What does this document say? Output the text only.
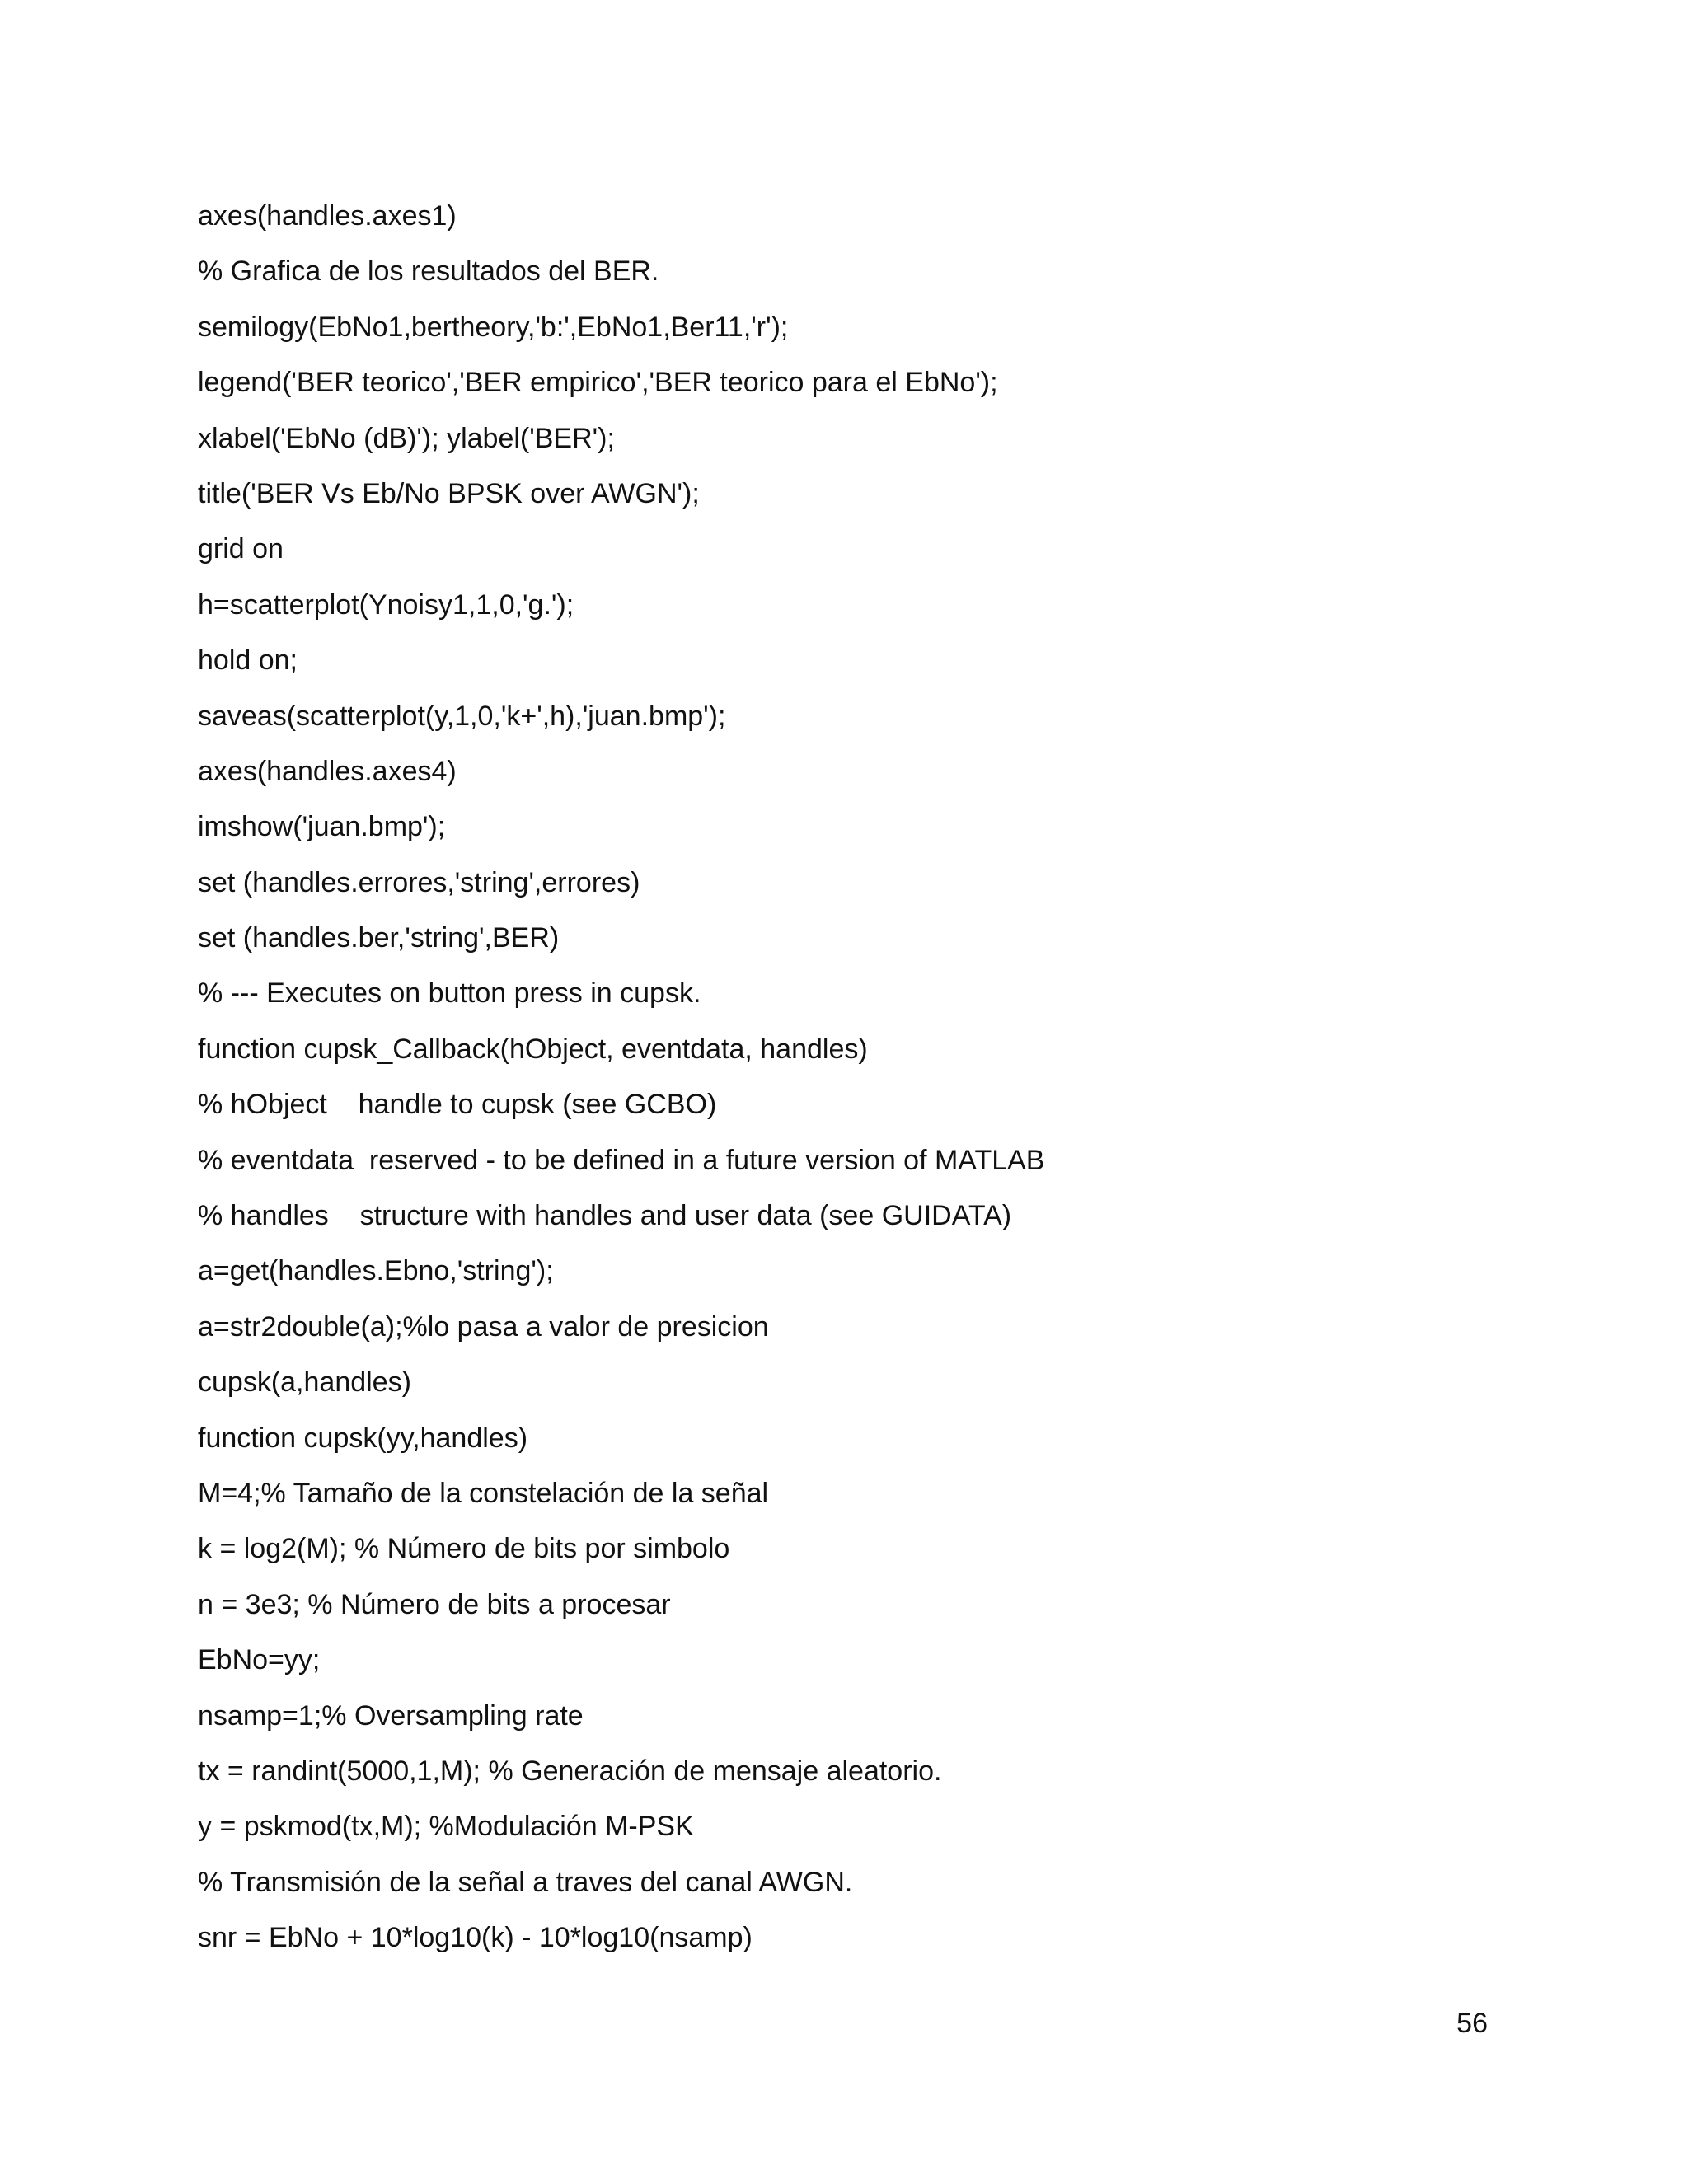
axes(handles.axes1)
% Grafica de los resultados del BER.
semilogy(EbNo1,bertheory,'b:',EbNo1,Ber11,'r');
legend('BER teorico','BER empirico','BER teorico para el EbNo');
xlabel('EbNo (dB)'); ylabel('BER');
title('BER Vs Eb/No BPSK over AWGN');
grid on
h=scatterplot(Ynoisy1,1,0,'g.');
hold on;
saveas(scatterplot(y,1,0,'k+',h),'juan.bmp');
axes(handles.axes4)
imshow('juan.bmp');
set (handles.errores,'string',errores)
set (handles.ber,'string',BER)
% --- Executes on button press in cupsk.
function cupsk_Callback(hObject, eventdata, handles)
% hObject    handle to cupsk (see GCBO)
% eventdata  reserved - to be defined in a future version of MATLAB
% handles    structure with handles and user data (see GUIDATA)
a=get(handles.Ebno,'string');
a=str2double(a);%lo pasa a valor de presicion
cupsk(a,handles)
function cupsk(yy,handles)
M=4;% Tamaño de la constelación de la señal
k = log2(M); % Número de bits por simbolo
n = 3e3; % Número de bits a procesar
EbNo=yy;
nsamp=1;% Oversampling rate
tx = randint(5000,1,M); % Generación de mensaje aleatorio.
y = pskmod(tx,M); %Modulación M-PSK
% Transmisión de la señal a traves del canal AWGN.
snr = EbNo + 10*log10(k) - 10*log10(nsamp)
56
